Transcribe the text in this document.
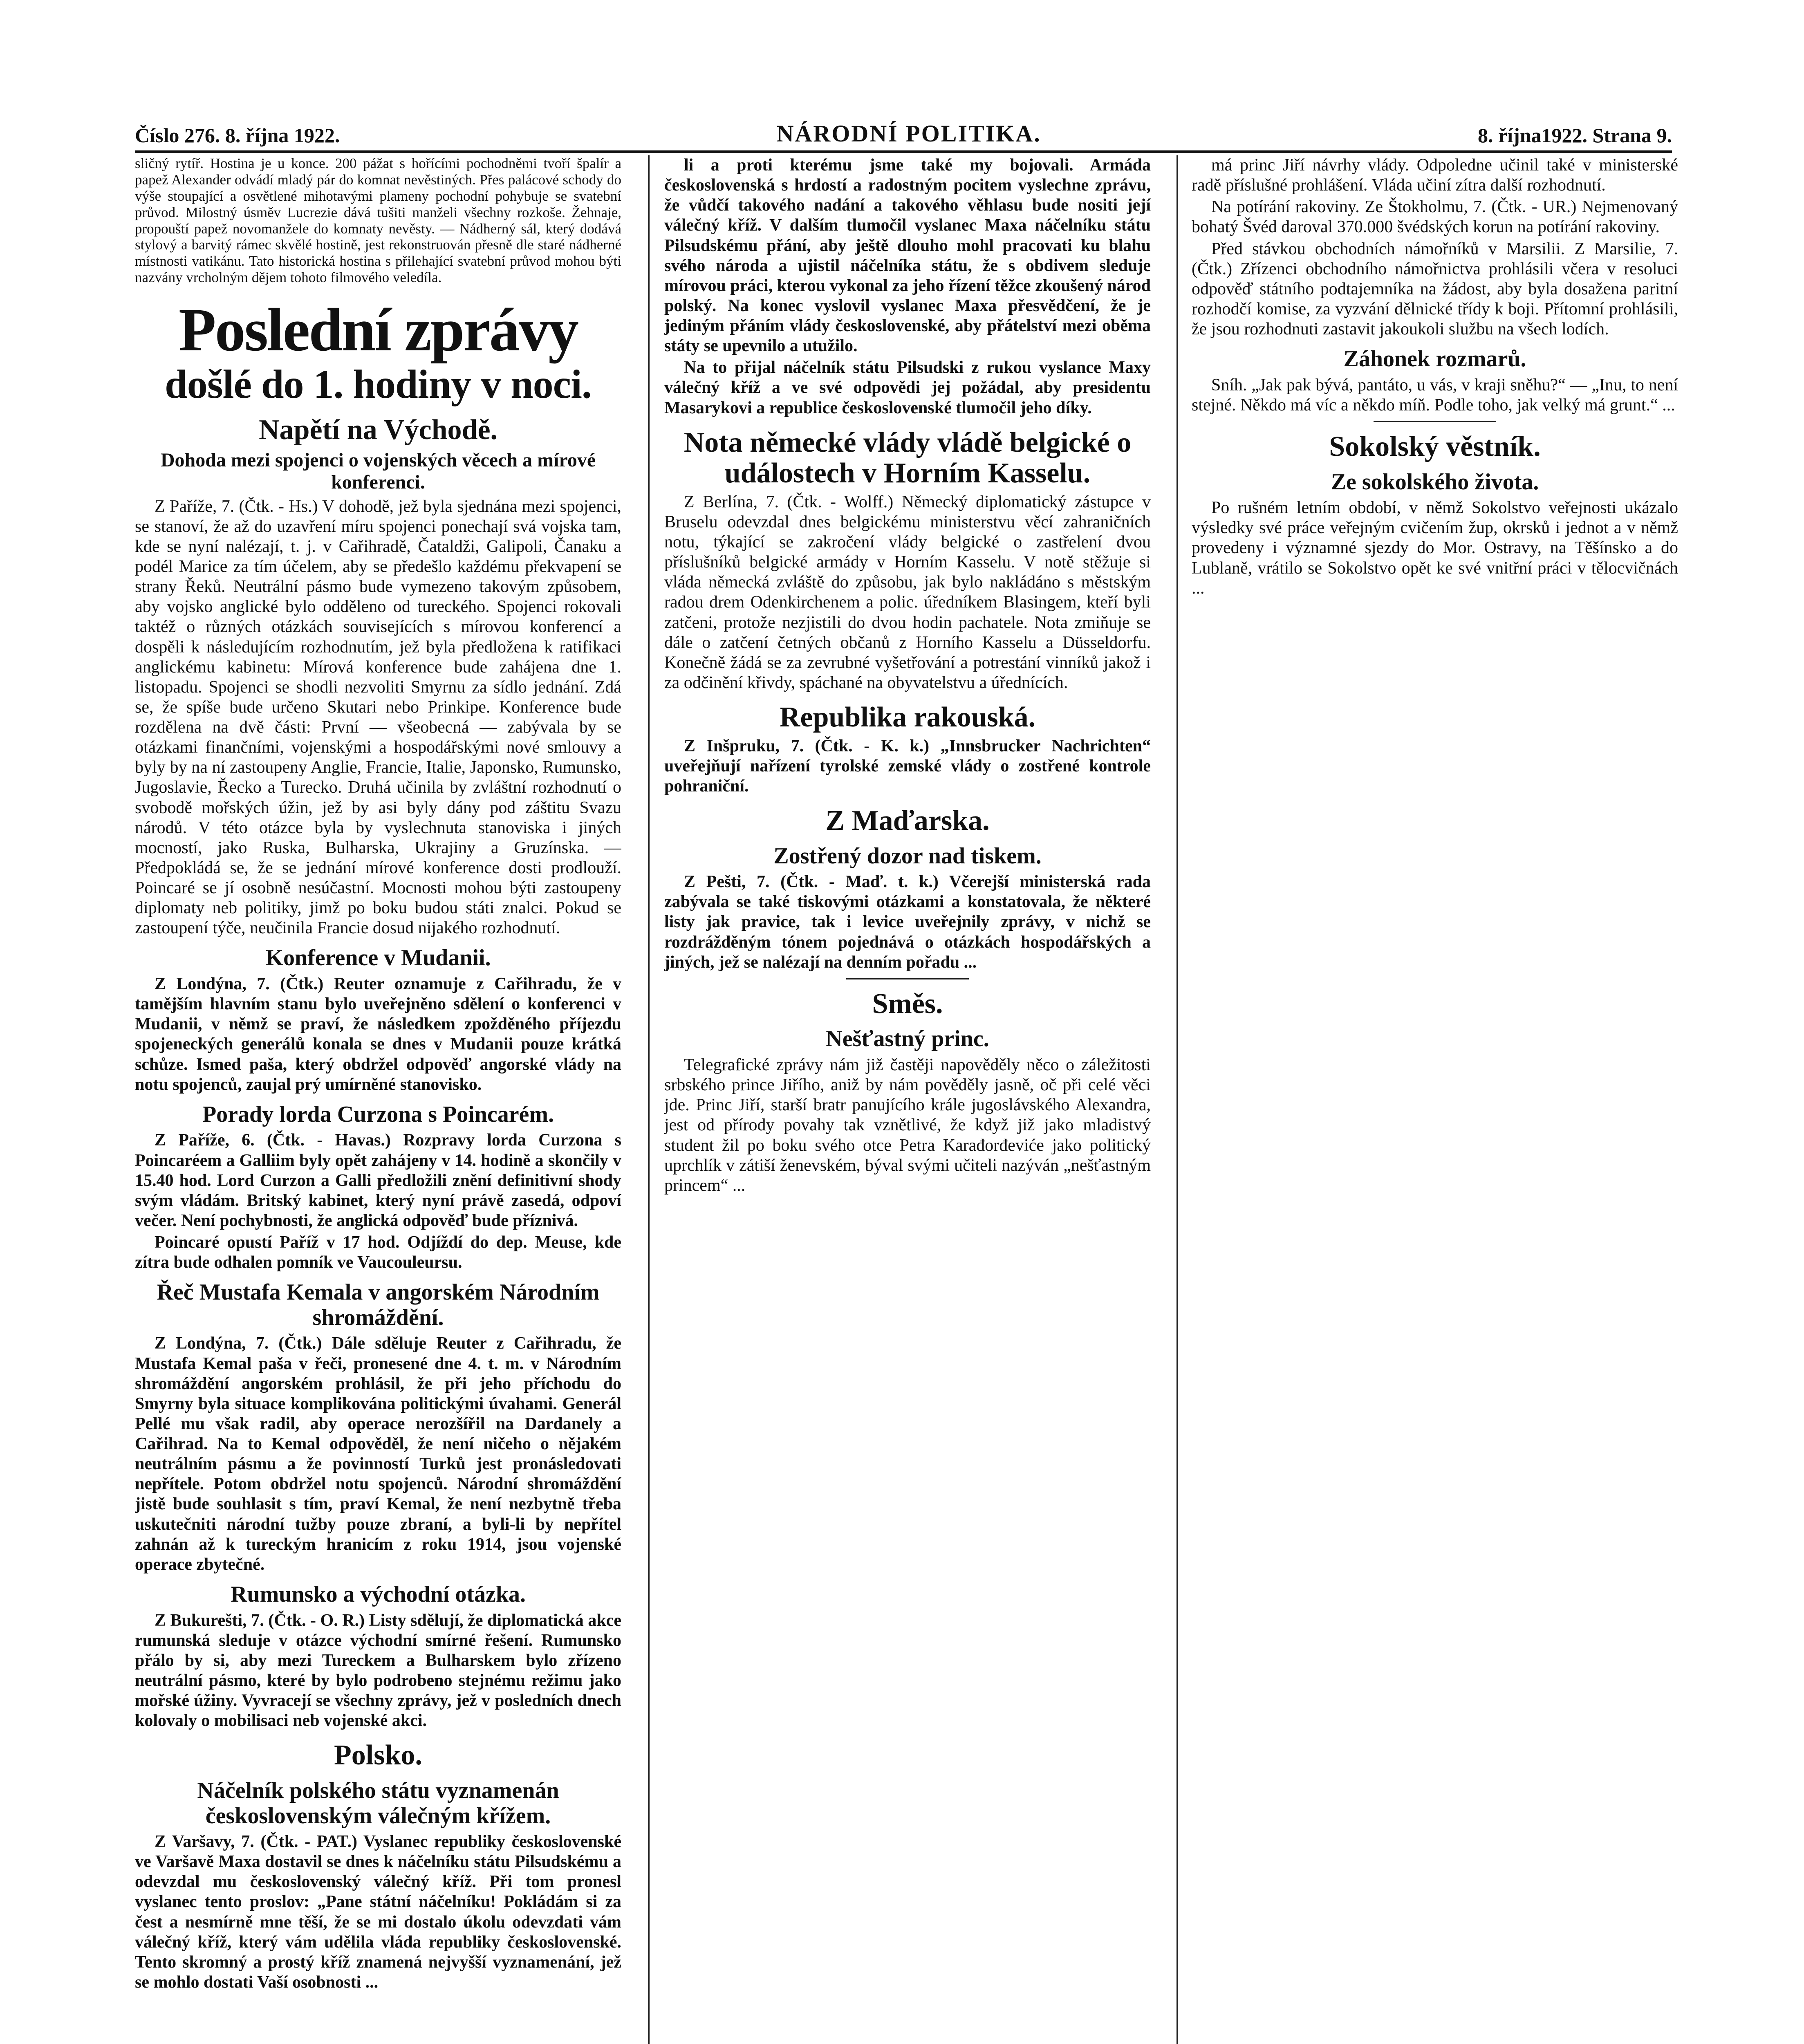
Číslo 276. 8. října 1922.	NÁRODNÍ POLITIKA.	8. října1922. Strana 9.

sličný rytíř. Hostina je u konce. 200 pážat s hořícími pochodněmi tvoří špalír a papež Alexander odvádí mladý pár do komnat nevěstiných. Přes palácové schody do výše stoupající a osvětlené mihotavými plameny pochodní pohybuje se svatební průvod. Milostný úsměv Lucrezie dává tušiti manželi všechny rozkoše. Žehnaje, propouští papež novomanžele do komnaty nevěsty. — Nádherný sál, který dodává stylový a barvitý rámec skvělé hostině, jest rekonstruován přesně dle staré nádherné místnosti vatikánu. Tato historická hostina s přilehající svatební průvod mohou býti nazvány vrcholným dějem tohoto filmového veledíla.

Poslední zprávy
došlé do 1. hodiny v noci.
Napětí na Východě.
Dohoda mezi spojenci o vojenských věcech a mírové konferenci.

Z Paříže, 7. (Čtk. - Hs.) V dohodě, jež byla sjednána mezi spojenci, se stanoví, že až do uzavření míru spojenci ponechají svá vojska tam, kde se nyní nalézají, t. j. v Cařihradě, Čataldži, Galipoli, Čanaku a podél Marice za tím účelem, aby se předešlo každému překvapení se strany Řeků. Neutrální pásmo bude vymezeno takovým způsobem, aby vojsko anglické bylo odděleno od tureckého. Spojenci rokovali taktéž o různých otázkách souvisejících s mírovou konferencí a dospěli k následujícím rozhodnutím, jež byla předložena k ratifikaci anglickému kabinetu: Mírová konference bude zahájena dne 1. listopadu. Spojenci se shodli nezvoliti Smyrnu za sídlo jednání. Zdá se, že spíše bude určeno Skutari nebo Prinkipe. Konference bude rozdělena na dvě části: První — všeobecná — zabývala by se otázkami finančními, vojenskými a hospodářskými nové smlouvy a byly by na ní zastoupeny Anglie, Francie, Italie, Japonsko, Rumunsko, Jugoslavie, Řecko a Turecko. Druhá učinila by zvláštní rozhodnutí o svobodě mořských úžin, jež by asi byly dány pod záštitu Svazu národů. V této otázce byla by vyslechnuta stanoviska i jiných mocností, jako Ruska, Bulharska, Ukrajiny a Gruzínska. — Předpokládá se, že se jednání mírové konference dosti prodlouží. Poincaré se jí osobně nesúčastní. Mocnosti mohou býti zastoupeny diplomaty neb politiky, jimž po boku budou státi znalci. Pokud se zastoupení týče, neučinila Francie dosud nijakého rozhodnutí.

Konference v Mudanii.

Z Londýna, 7. (Čtk.) Reuter oznamuje z Cařihradu, že v tamějším hlavním stanu bylo uveřejněno sdělení o konferenci v Mudanii, v němž se praví, že následkem zpožděného příjezdu spojeneckých generálů konala se dnes v Mudanii pouze krátká schůze. Ismed paša, který obdržel odpověď angorské vlády na notu spojenců, zaujal prý umírněné stanovisko.

Porady lorda Curzona s Poincarém.

Z Paříže, 6. (Čtk. - Havas.) Rozpravy lorda Curzona s Poincaréem a Galliim byly opět zahájeny v 14. hodině a skončily v 15.40 hod. Lord Curzon a Galli předložili znění definitivní shody svým vládám. Britský kabinet, který nyní právě zasedá, odpoví večer. Není pochybnosti, že anglická odpověď bude příznivá.

Poincaré opustí Paříž v 17 hod. Odjíždí do dep. Meuse, kde zítra bude odhalen pomník ve Vaucouleursu.

Řeč Mustafa Kemala v angorském Národním shromáždění.

Z Londýna, 7. (Čtk.) Dále sděluje Reuter z Cařihradu, že Mustafa Kemal paša v řeči, pronesené dne 4. t. m. v Národním shromáždění angorském prohlásil, že při jeho příchodu do Smyrny byla situace komplikována politickými úvahami. Generál Pellé mu však radil, aby operace nerozšířil na Dardanely a Cařihrad. Na to Kemal odpověděl, že není ničeho o nějakém neutrálním pásmu a že povinností Turků jest pronásledovati nepřítele. Potom obdržel notu spojenců. Národní shromáždění jistě bude souhlasit s tím, praví Kemal, že není nezbytně třeba uskutečniti národní tužby pouze zbraní, a byli-li by nepřítel zahnán až k tureckým hranicím z roku 1914, jsou vojenské operace zbytečné.

Rumunsko a východní otázka.

Z Bukurešti, 7. (Čtk. - O. R.) Listy sdělují, že diplomatická akce rumunská sleduje v otázce východní smírné řešení. Rumunsko přálo by si, aby mezi Tureckem a Bulharskem bylo zřízeno neutrální pásmo, které by bylo podrobeno stejnému režimu jako mořské úžiny. Vyvracejí se všechny zprávy, jež v posledních dnech kolovaly o mobilisaci neb vojenské akci.

Polsko.
Náčelník polského státu vyznamenán československým válečným křížem.

Z Varšavy, 7. (Čtk. - PAT.) Vyslanec republiky československé ve Varšavě Maxa dostavil se dnes k náčelníku státu Pilsudskému a odevzdal mu československý válečný kříž. Při tom pronesl vyslanec tento proslov: „Pane státní náčelníku! Pokládám si za čest a nesmírně mne těší, že se mi dostalo úkolu odevzdati vám válečný kříž, který vám udělila vláda republiky československé. Tento skromný a prostý kříž znamená nejvyšší vyznamenání, jež se mohlo dostati Vaší osobnosti ...

li a proti kterému jsme také my bojovali. Armáda československá s hrdostí a radostným pocitem vyslechne zprávu, že vůdčí takového nadání a takového věhlasu bude nositi její válečný kříž. V dalším tlumočil vyslanec Maxa náčelníku státu Pilsudskému přání, aby ještě dlouho mohl pracovati ku blahu svého národa a ujistil náčelníka státu, že s obdivem sleduje mírovou práci, kterou vykonal za jeho řízení těžce zkoušený národ polský. Na konec vyslovil vyslanec Maxa přesvědčení, že je jediným přáním vlády československé, aby přátelství mezi oběma státy se upevnilo a utužilo.

Na to přijal náčelník státu Pilsudski z rukou vyslance Maxy válečný kříž a ve své odpovědi jej požádal, aby presidentu Masarykovi a republice československé tlumočil jeho díky.

Nota německé vlády vládě belgické o událostech v Horním Kasselu.

Z Berlína, 7. (Čtk. - Wolff.) Německý diplomatický zástupce v Bruselu odevzdal dnes belgickému ministerstvu věcí zahraničních notu, týkající se zakročení vlády belgické o zastřelení dvou příslušníků belgické armády v Horním Kasselu. V notě stěžuje si vláda německá zvláště do způsobu, jak bylo nakládáno s městským radou drem Odenkirchenem a polic. úředníkem Blasingem, kteří byli zatčeni, protože nezjistili do dvou hodin pachatele. Nota zmiňuje se dále o zatčení četných občanů z Horního Kasselu a Düsseldorfu. Konečně žádá se za zevrubné vyšetřování a potrestání vinníků jakož i za odčinění křivdy, spáchané na obyvatelstvu a úřednících.

Republika rakouská.

Z Inšpruku, 7. (Čtk. - K. k.) „Innsbrucker Nachrichten“ uveřejňují nařízení tyrolské zemské vlády o zostřené kontrole pohraniční.

Z Maďarska.
Zostřený dozor nad tiskem.

Z Pešti, 7. (Čtk. - Maď. t. k.) Včerejší ministerská rada zabývala se také tiskovými otázkami a konstatovala, že některé listy jak pravice, tak i levice uveřejnily zprávy, v nichž se rozdrážděným tónem pojednává o otázkách hospodářských a jiných, jež se nalézají na denním pořadu ...

Směs.
Nešťastný princ.

Telegrafické zprávy nám již častěji napověděly něco o záležitosti srbského prince Jiřího, aniž by nám pověděly jasně, oč při celé věci jde. Princ Jiří, starší bratr panujícího krále jugoslávského Alexandra, jest od přírody povahy tak vznětlivé, že když již jako mladistvý student žil po boku svého otce Petra Karađorđeviće jako politický uprchlík v zátiší ženevském, býval svými učiteli nazýván „nešťastným princem“ ...

má princ Jiří návrhy vlády. Odpoledne učinil také v ministerské radě příslušné prohlášení. Vláda učiní zítra další rozhodnutí.

Na potírání rakoviny. Ze Štokholmu, 7. (Čtk. - UR.) Nejmenovaný bohatý Švéd daroval 370.000 švédských korun na potírání rakoviny.

Před stávkou obchodních námořníků v Marsilii. Z Marsilie, 7. (Čtk.) Zřízenci obchodního námořnictva prohlásili včera v resoluci odpověď státního podtajemníka na žádost, aby byla dosažena paritní rozhodčí komise, za vyzvání dělnické třídy k boji. Přítomní prohlásili, že jsou rozhodnuti zastavit jakoukoli službu na všech lodích.

Záhonek rozmarů.

Sníh. „Jak pak bývá, pantáto, u vás, v kraji sněhu?“ — „Inu, to není stejné. Někdo má víc a někdo míň. Podle toho, jak velký má grunt.“ ...

Sokolský věstník.
Ze sokolského života.

Po rušném letním období, v němž Sokolstvo veřejnosti ukázalo výsledky své práce veřejným cvičením žup, okrsků i jednot a v němž provedeny i významné sjezdy do Mor. Ostravy, na Těšínsko a do Lublaně, vrátilo se Sokolstvo opět ke své vnitřní práci v tělocvičnách ...
